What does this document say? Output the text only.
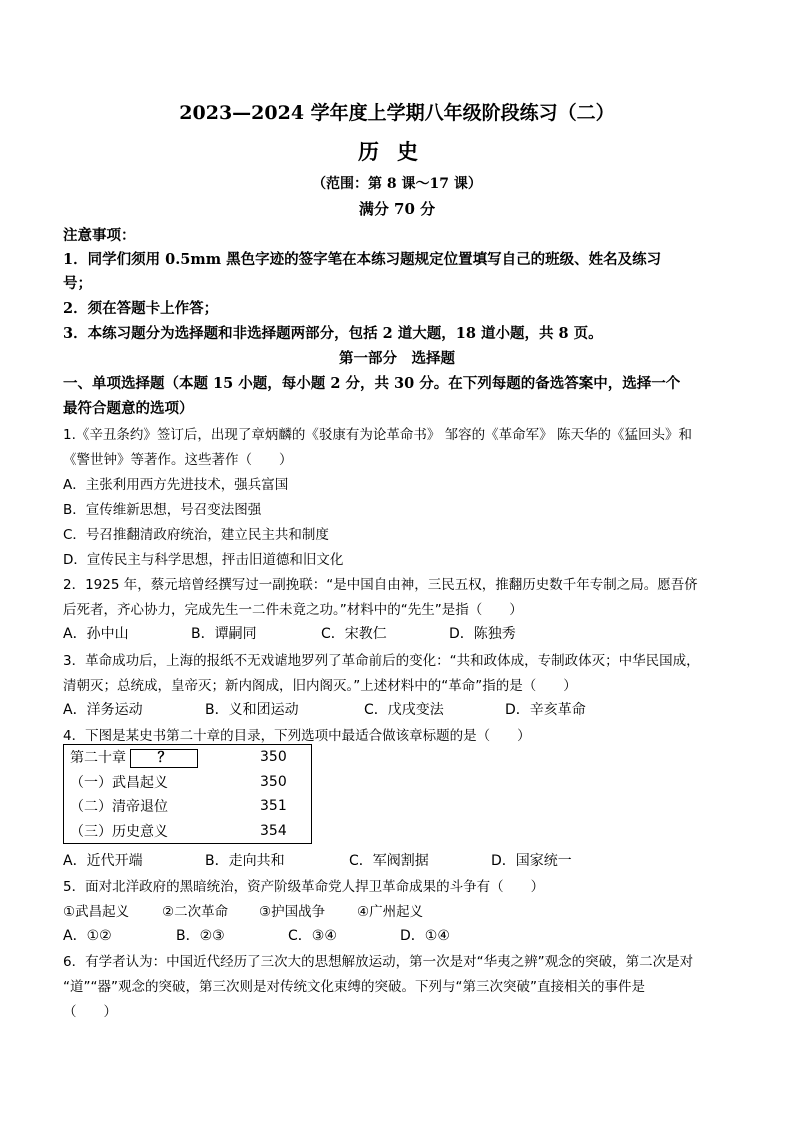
2023—2024 学年度上学期八年级阶段练习（二）
历史
（范围：第 8 课～17 课）
满分 70 分
注意事项：
1．同学们须用 0.5mm 黑色字迹的签字笔在本练习题规定位置填写自己的班级、姓名及练习
号；
2．须在答题卡上作答；
3．本练习题分为选择题和非选择题两部分，包括 2 道大题，18 道小题，共 8 页。
第一部分　选择题
一、单项选择题（本题 15 小题，每小题 2 分，共 30 分。在下列每题的备选答案中，选择一个
最符合题意的选项）
1.《辛丑条约》签订后，出现了章炳麟的《驳康有为论革命书》 邹容的《革命军》 陈天华的《猛回头》和
《警世钟》等著作。这些著作（　　）
A．主张利用西方先进技术，强兵富国
B．宣传维新思想，号召变法图强
C．号召推翻清政府统治，建立民主共和制度
D．宣传民主与科学思想，抨击旧道德和旧文化
2．1925 年，蔡元培曾经撰写过一副挽联：“是中国自由神，三民五权，推翻历史数千年专制之局。愿吾侪
后死者，齐心协力，完成先生一二件未竟之功。”材料中的“先生”是指（　　）
A．孙中山	B．谭嗣同	C．宋教仁	D．陈独秀
3．革命成功后，上海的报纸不无戏谑地罗列了革命前后的变化：“共和政体成，专制政体灭；中华民国成，
清朝灭；总统成，皇帝灭；新内阁成，旧内阁灭。”上述材料中的“革命”指的是（　　）
A．洋务运动	B．义和团运动	C．戊戌变法	D．辛亥革命
4．下图是某史书第二十章的目录，下列选项中最适合做该章标题的是（　　）
第二十章 ？	350
（一）武昌起义	350
（二）清帝退位	351
（三）历史意义	354
A．近代开端	B．走向共和	C．军阀割据	D．国家统一
5．面对北洋政府的黑暗统治，资产阶级革命党人捍卫革命成果的斗争有（　　）
①武昌起义 ②二次革命 ③护国战争 ④广州起义
A．①②	B．②③	C．③④	D．①④
6．有学者认为：中国近代经历了三次大的思想解放运动，第一次是对“华夷之辨”观念的突破，第二次是对
“道”“器”观念的突破，第三次则是对传统文化束缚的突破。下列与“第三次突破”直接相关的事件是
（　　）
